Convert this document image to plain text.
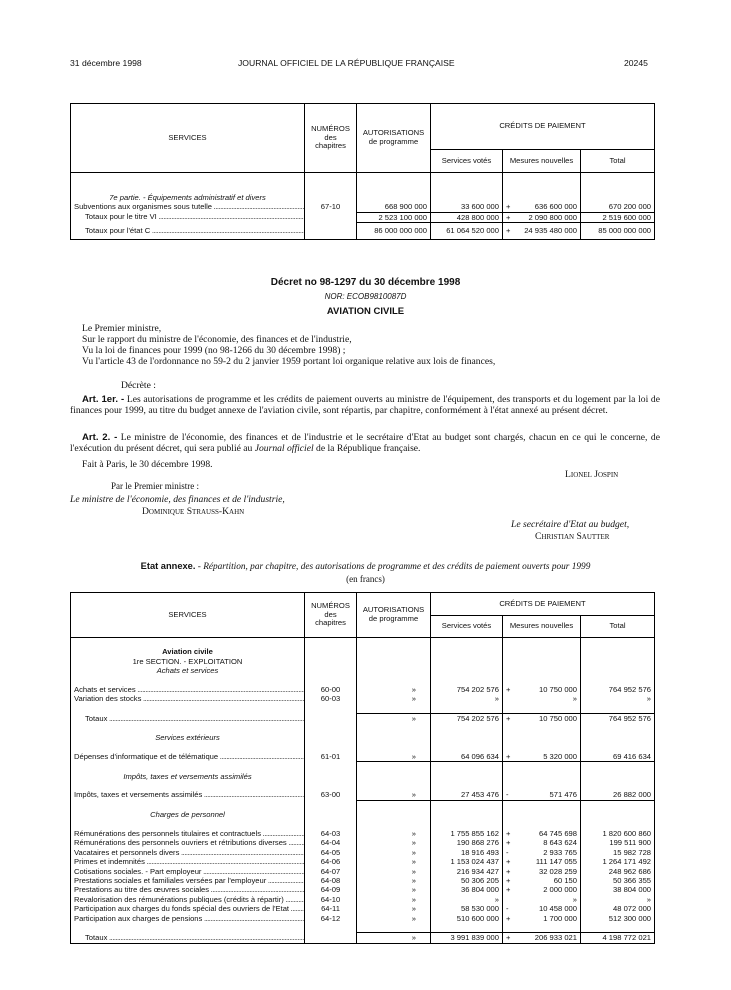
31 décembre 1998	JOURNAL OFFICIEL DE LA RÉPUBLIQUE FRANÇAISE	20245
SERVICES	NUMÉROS des chapitres	AUTORISATIONS de programme	CRÉDITS DE PAIEMENT		
			Services votés	Mesures nouvelles	Total

7e partie. - Équipements administratif et divers					
Subventions aux organismes sous tutelle .....	67-10	668 900 000	33 600 000	+ 636 600 000	670 200 000
Totaux pour le titre VI .....		2 523 100 000	428 800 000	+ 2 090 800 000	2 519 600 000
Totaux pour l'état C .....		86 000 000 000	61 064 520 000	+ 24 935 480 000	85 000 000 000
Décret no 98-1297 du 30 décembre 1998
NOR: ECOB9810087D
AVIATION CIVILE
Le Premier ministre,
Sur le rapport du ministre de l'économie, des finances et de l'industrie,
Vu la loi de finances pour 1999 (no 98-1266 du 30 décembre 1998) ;
Vu l'article 43 de l'ordonnance no 59-2 du 2 janvier 1959 portant loi organique relative aux lois de finances,
Décrète :
Art. 1er. - Les autorisations de programme et les crédits de paiement ouverts au ministre de l'équipement, des transports et du logement par la loi de finances pour 1999, au titre du budget annexe de l'aviation civile, sont répartis, par chapitre, conformément à l'état annexé au présent décret.
Art. 2. - Le ministre de l'économie, des finances et de l'industrie et le secrétaire d'Etat au budget sont chargés, chacun en ce qui le concerne, de l'exécution du présent décret, qui sera publié au Journal officiel de la République française.
Fait à Paris, le 30 décembre 1998.
Lionel Jospin
Par le Premier ministre :
Le ministre de l'économie, des finances et de l'industrie,
Dominique Strauss-Kahn
Le secrétaire d'Etat au budget,
Christian Sautter
Etat annexe. - Répartition, par chapitre, des autorisations de programme et des crédits de paiement ouverts pour 1999
(en francs)
SERVICES	NUMÉROS des chapitres	AUTORISATIONS de programme	CRÉDITS DE PAIEMENT		
			Services votés	Mesures nouvelles	Total

Aviation civile					
1re SECTION. - EXPLOITATION					
Achats et services					

Achats et services .....	60-00	»	754 202 576	+ 10 750 000	764 952 576
Variation des stocks .....	60-03	»	»	»	»

Totaux .....		»	754 202 576	+ 10 750 000	764 952 576

Services extérieurs					

Dépenses d'informatique et de télématique .....	61-01	»	64 096 634	+ 5 320 000	69 416 634

Impôts, taxes et versements assimilés					

Impôts, taxes et versements assimilés .....	63-00	»	27 453 476	- 571 476	26 882 000

Charges de personnel					

Rémunérations des personnels titulaires et contractuels .....	64-03	»	1 755 855 162	+ 64 745 698	1 820 600 860
Rémunérations des personnels ouvriers et rétributions diverses .....	64-04	»	190 868 276	+ 8 643 624	199 511 900
Vacataires et personnels divers .....	64-05	»	18 916 493	- 2 933 765	15 982 728
Primes et indemnités .....	64-06	»	1 153 024 437	+ 111 147 055	1 264 171 492
Cotisations sociales. - Part employeur .....	64-07	»	216 934 427	+ 32 028 259	248 962 686
Prestations sociales et familiales versées par l'employeur .....	64-08	»	50 306 205	+ 60 150	50 366 355
Prestations au titre des œuvres sociales .....	64-09	»	36 804 000	+ 2 000 000	38 804 000
Revalorisation des rémunérations publiques (crédits à répartir) .....	64-10	»	»	»	»
Participation aux charges du fonds spécial des ouvriers de l'Etat .....	64-11	»	58 530 000	- 10 458 000	48 072 000
Participation aux charges de pensions .....	64-12	»	510 600 000	+ 1 700 000	512 300 000

Totaux .....		»	3 991 839 000	+ 206 933 021	4 198 772 021
